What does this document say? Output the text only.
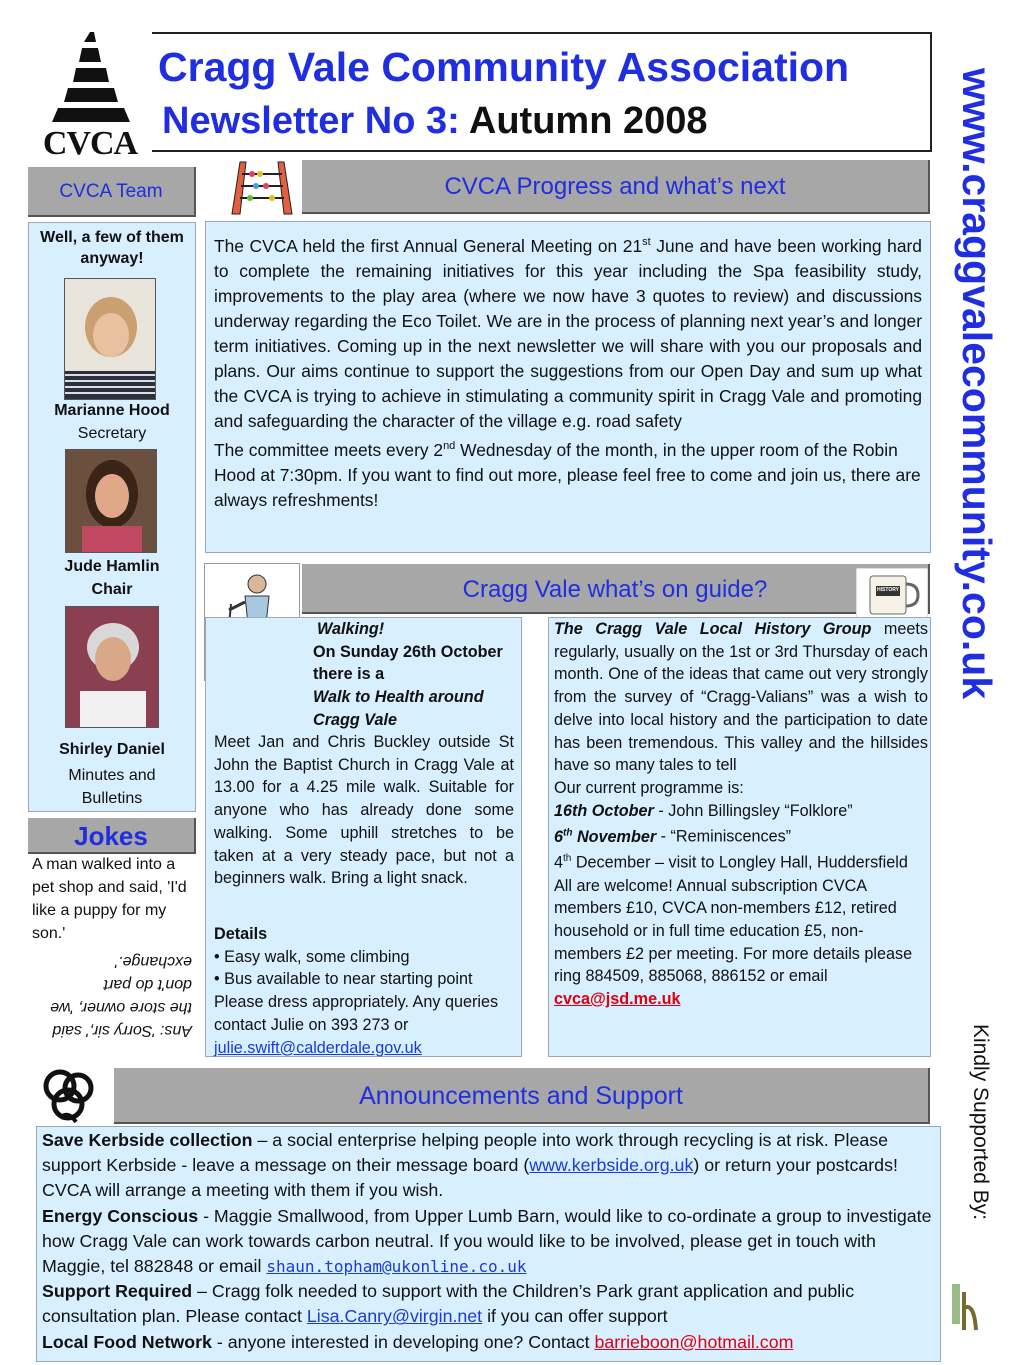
CVCA
Cragg Vale Community Association
Newsletter No 3: Autumn 2008	www.craggvalecommunity.co.uk
Kindly Supported By:
CVCA Team
Well, a few of them anyway!
Marianne Hood
Secretary
Jude Hamlin
Chair
Shirley Daniel
Minutes and Bulletins
Jokes
A man walked into a pet shop and said, 'I'd like a puppy for my son.'
Ans: 'Sorry sir,' said the store owner, 'we don't do part exchange.'
CVCA Progress and what’s next

The CVCA held the first Annual General Meeting on 21st June and have been working hard to complete the remaining initiatives for this year including the Spa feasibility study, improvements to the play area (where we now have 3 quotes to review) and discussions underway regarding the Eco Toilet. We are in the process of planning next year’s and longer term initiatives. Coming up in the next newsletter we will share with you our proposals and plans. Our aims continue to support the suggestions from our Open Day and sum up what the CVCA is trying to achieve in stimulating a community spirit in Cragg Vale and promoting and safeguarding the character of the village e.g. road safety

The committee meets every 2nd Wednesday of the month, in the upper room of the Robin Hood at 7:30pm. If you want to find out more, please feel free to come and join us, there are always refreshments!

Cragg Vale what’s on guide?	HISTORY
Walking!
On Sunday 26th October there is a
Walk to Health around Cragg Vale
Meet Jan and Chris Buckley outside St John the Baptist Church in Cragg Vale at 13.00 for a 4.25 mile walk. Suitable for anyone who has already done some walking. Some uphill stretches to be taken at a very steady pace, but not a beginners walk. Bring a light snack.
Details
• Easy walk, some climbing
• Bus available to near starting point
Please dress appropriately. Any queries contact Julie on 393 273 or
julie.swift@calderdale.gov.uk
The Cragg Vale Local History Group meets regularly, usually on the 1st or 3rd Thursday of each month. One of the ideas that came out very strongly from the survey of “Cragg-Valians” was a wish to delve into local history and the participation to date has been tremendous. This valley and the hillsides have so many tales to tell
Our current programme is:
16th October - John Billingsley “Folklore”
6th November - “Reminiscences”
4th December – visit to Longley Hall, Huddersfield
All are welcome! Annual subscription CVCA members £10, CVCA non-members £12, retired household or in full time education £5, non-members £2 per meeting. For more details please ring 884509, 885068, 886152 or email cvca@jsd.me.uk
Announcements and Support
Save Kerbside collection – a social enterprise helping people into work through recycling is at risk. Please support Kerbside - leave a message on their message board (www.kerbside.org.uk) or return your postcards! CVCA will arrange a meeting with them if you wish.
Energy Conscious - Maggie Smallwood, from Upper Lumb Barn, would like to co-ordinate a group to investigate how Cragg Vale can work towards carbon neutral. If you would like to be involved, please get in touch with Maggie, tel 882848 or email shaun.topham@ukonline.co.uk
Support Required – Cragg folk needed to support with the Children’s Park grant application and public consultation plan. Please contact Lisa.Canry@virgin.net if you can offer support
Local Food Network - anyone interested in developing one? Contact barrieboon@hotmail.com
